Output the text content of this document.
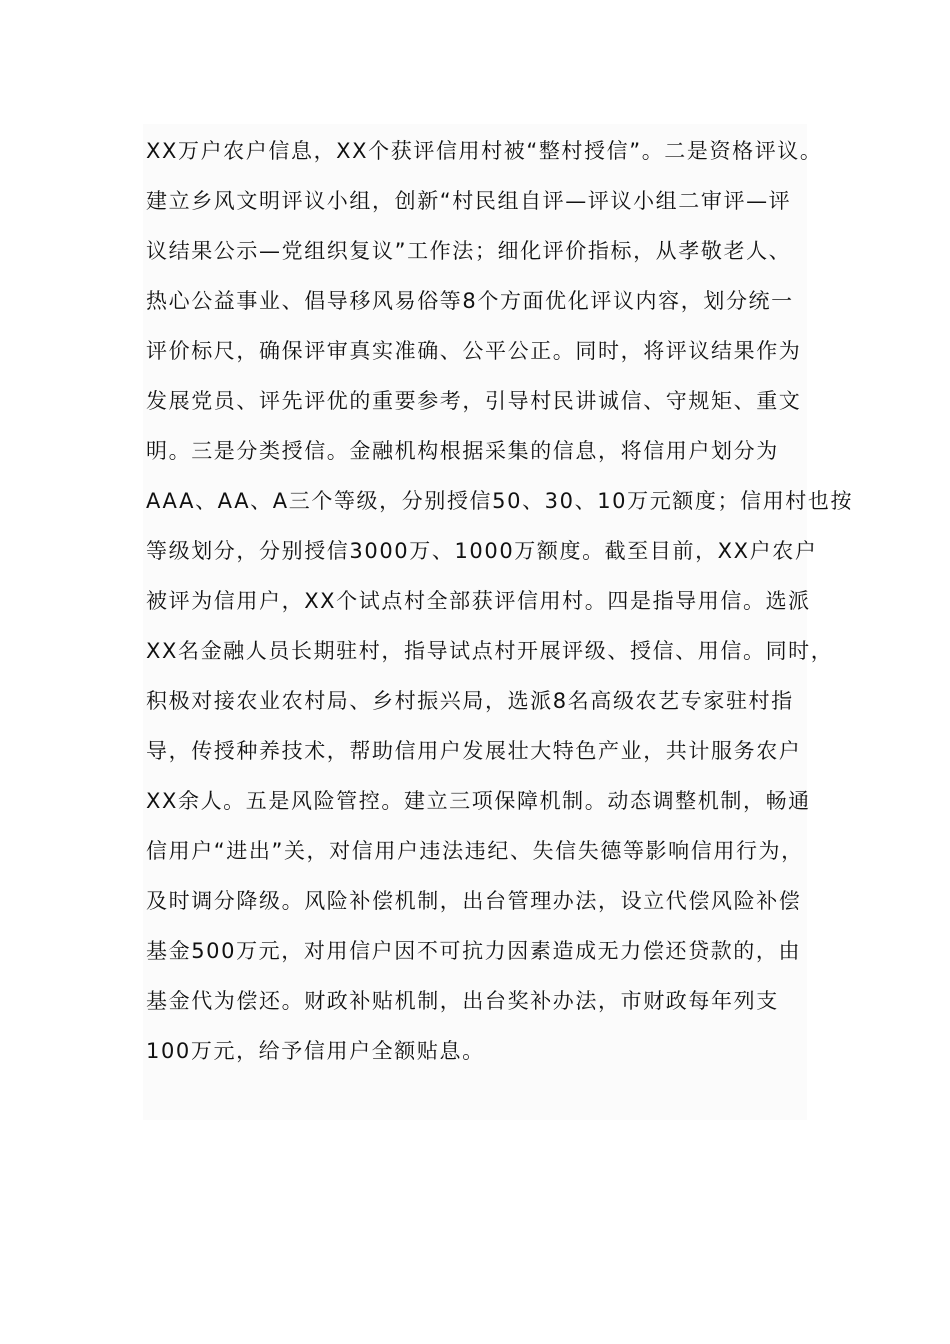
XX万户农户信息，XX个获评信用村被“整村授信”。二是资格评议。
建立乡风文明评议小组，创新“村民组自评—评议小组二审评—评
议结果公示—党组织复议”工作法；细化评价指标，从孝敬老人、
热心公益事业、倡导移风易俗等8个方面优化评议内容，划分统一
评价标尺，确保评审真实准确、公平公正。同时，将评议结果作为
发展党员、评先评优的重要参考，引导村民讲诚信、守规矩、重文
明。三是分类授信。金融机构根据采集的信息，将信用户划分为
AAA、AA、A三个等级，分别授信50、30、10万元额度；信用村也按
等级划分，分别授信3000万、1000万额度。截至目前，XX户农户
被评为信用户，XX个试点村全部获评信用村。四是指导用信。选派
XX名金融人员长期驻村，指导试点村开展评级、授信、用信。同时，
积极对接农业农村局、乡村振兴局，选派8名高级农艺专家驻村指
导，传授种养技术，帮助信用户发展壮大特色产业，共计服务农户
XX余人。五是风险管控。建立三项保障机制。动态调整机制，畅通
信用户“进出”关，对信用户违法违纪、失信失德等影响信用行为，
及时调分降级。风险补偿机制，出台管理办法，设立代偿风险补偿
基金500万元，对用信户因不可抗力因素造成无力偿还贷款的，由
基金代为偿还。财政补贴机制，出台奖补办法，市财政每年列支
100万元，给予信用户全额贴息。
